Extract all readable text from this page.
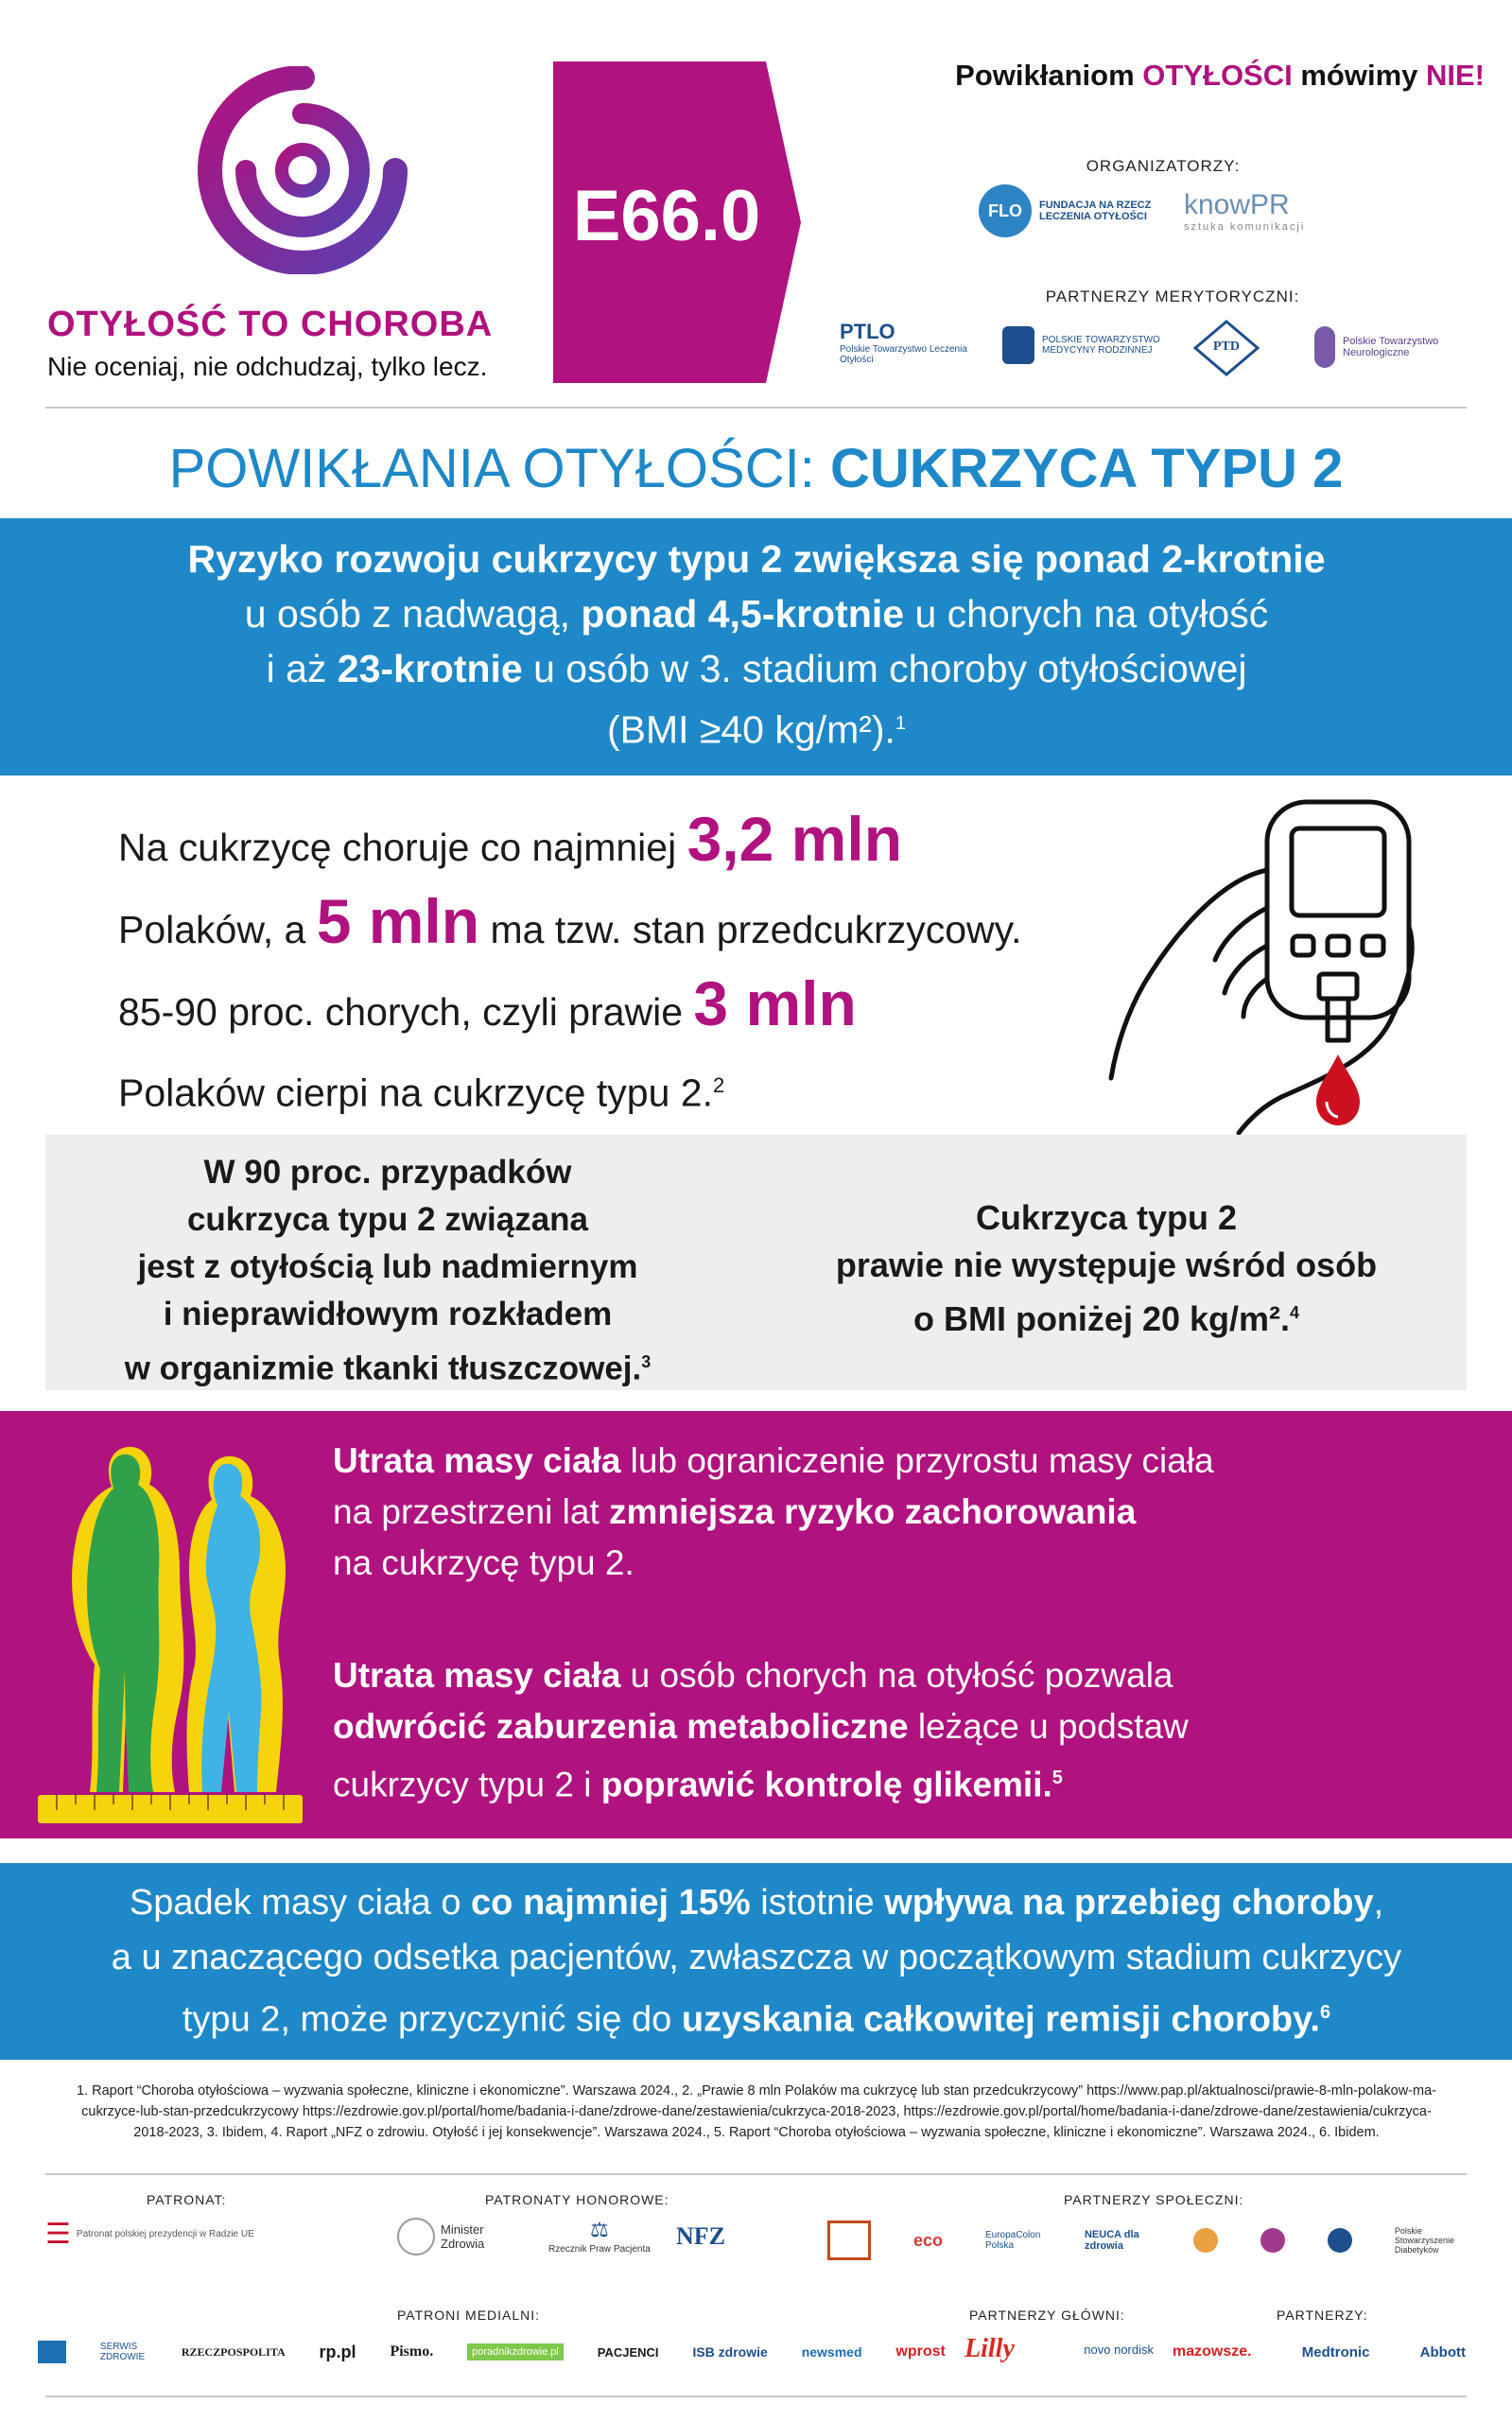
OTYŁOŚĆ TO CHOROBA
Nie oceniaj, nie odchudzaj, tylko lecz.
E66.0
Powikłaniom OTYŁOŚCI mówimy NIE!
ORGANIZATORZY:
FLO	FUNDACJA NA RZECZ LECZENIA OTYŁOŚCI	knowPR
sztuka komunikacji
PARTNERZY MERYTORYCZNI:
PTLO
Polskie Towarzystwo Leczenia Otyłości
POLSKIE TOWARZYSTWO MEDYCYNY RODZINNEJ	PTD	Polskie Towarzystwo Neurologiczne
POWIKŁANIA OTYŁOŚCI: CUKRZYCA TYPU 2
Ryzyko rozwoju cukrzycy typu 2 zwiększa się ponad 2-krotnie
u osób z nadwagą, ponad 4,5-krotnie u chorych na otyłość
i aż 23-krotnie u osób w 3. stadium choroby otyłościowej
(BMI ≥40 kg/m²).$^1$
Na cukrzycę choruje co najmniej 3,2 mln
Polaków, a 5 mln ma tzw. stan przedcukrzycowy.
85-90 proc. chorych, czyli prawie 3 mln
Polaków cierpi na cukrzycę typu 2.$^2$
W 90 proc. przypadków
cukrzyca typu 2 związana
jest z otyłością lub nadmiernym
i nieprawidłowym rozkładem
w organizmie tkanki tłuszczowej.$^3$
Cukrzyca typu 2
prawie nie występuje wśród osób
o BMI poniżej 20 kg/m².$^4$
Utrata masy ciała lub ograniczenie przyrostu masy ciała
na przestrzeni lat zmniejsza ryzyko zachorowania
na cukrzycę typu 2.
Utrata masy ciała u osób chorych na otyłość pozwala
odwrócić zaburzenia metaboliczne leżące u podstaw
cukrzycy typu 2 i poprawić kontrolę glikemii.$^5$
Spadek masy ciała o co najmniej 15% istotnie wpływa na przebieg choroby,
a u znaczącego odsetka pacjentów, zwłaszcza w początkowym stadium cukrzycy
typu 2, może przyczynić się do uzyskania całkowitej remisji choroby.$^6$
1. Raport “Choroba otyłościowa – wyzwania społeczne, kliniczne i ekonomiczne”. Warszawa 2024., 2. „Prawie 8 mln Polaków ma cukrzycę lub stan przedcukrzycowy” https://www.pap.pl/aktualnosci/prawie-8-mln-polakow-ma-cukrzyce-lub-stan-przedcukrzycowy https://ezdrowie.gov.pl/portal/home/badania-i-dane/zdrowe-dane/zestawienia/cukrzyca-2018-2023, https://ezdrowie.gov.pl/portal/home/badania-i-dane/zdrowe-dane/zestawienia/cukrzyca-2018-2023, 3. Ibidem, 4. Raport „NFZ o zdrowiu. Otyłość i jej konsekwencje”. Warszawa 2024., 5. Raport “Choroba otyłościowa – wyzwania społeczne, kliniczne i ekonomiczne”. Warszawa 2024., 6. Ibidem.
PATRONAT:
☰ Patronat polskiej prezydencji w Radzie UE
PATRONATY HONOROWE:
Minister Zdrowia
⚖
Rzecznik Praw Pacjenta NFZ
PARTNERZY SPOŁECZNI:
eco	EuropaColon Polska
NEUCA dla zdrowia
Polskie Stowarzyszenie Diabetyków
PATRONI MEDIALNI:
SERWIS ZDROWIE	RZECZPOSPOLITA rp.pl Pismo.	poradnikzdrowie.pl	PACJENCI	ISB zdrowie	newsmed wprost
PARTNERZY GŁÓWNI:
Lilly	novo nordisk
PARTNERZY:
mazowsze.	Medtronic	Abbott
